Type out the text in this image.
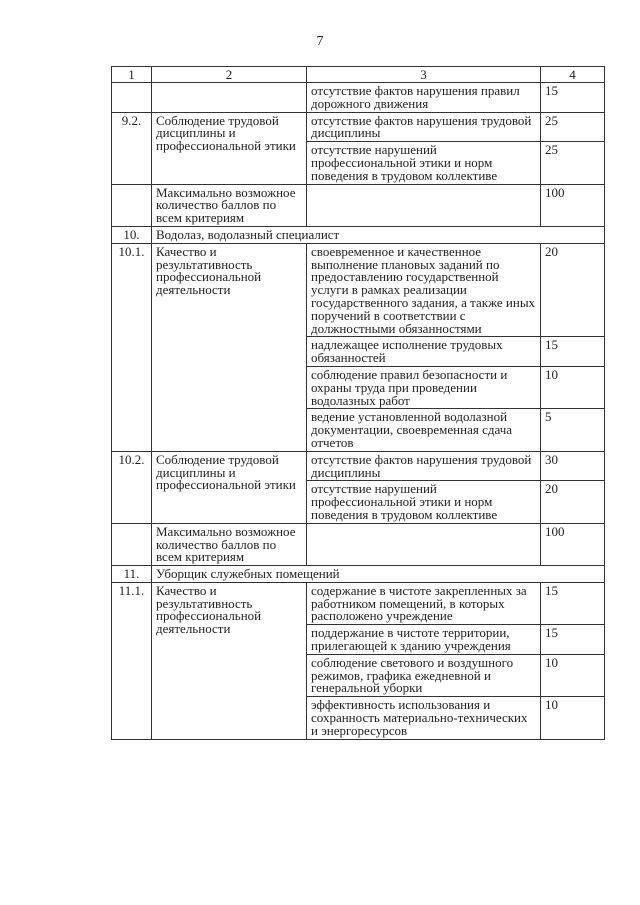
7
1	2	3	4
		отсутствие фактов нарушения правил дорожного движения	15
9.2.	Соблюдение трудовой дисциплины и профессиональной этики	отсутствие фактов нарушения трудовой дисциплины	25
		отсутствие нарушений профессиональной этики и норм поведения в трудовом коллективе	25
	Максимально возможное количество баллов по всем критериям		100
10.	Водолаз, водолазный специалист		
10.1.	Качество и результативность профессиональной деятельности	своевременное и качественное выполнение плановых заданий по предоставлению государственной услуги в рамках реализации государственного задания, а также иных поручений в соответствии с должностными обязанностями	20
		надлежащее исполнение трудовых обязанностей	15
		соблюдение правил безопасности и охраны труда при проведении водолазных работ	10
		ведение установленной водолазной документации, своевременная сдача отчетов	5
10.2.	Соблюдение трудовой дисциплины и профессиональной этики	отсутствие фактов нарушения трудовой дисциплины	30
		отсутствие нарушений профессиональной этики и норм поведения в трудовом коллективе	20
	Максимально возможное количество баллов по всем критериям		100
11.	Уборщик служебных помещений		
11.1.	Качество и результативность профессиональной деятельности	содержание в чистоте закрепленных за работником помещений, в которых расположено учреждение	15
		поддержание в чистоте территории, прилегающей к зданию учреждения	15
		соблюдение светового и воздушного режимов, графика ежедневной и генеральной уборки	10
		эффективность использования и сохранность материально-технических и энергоресурсов	10
